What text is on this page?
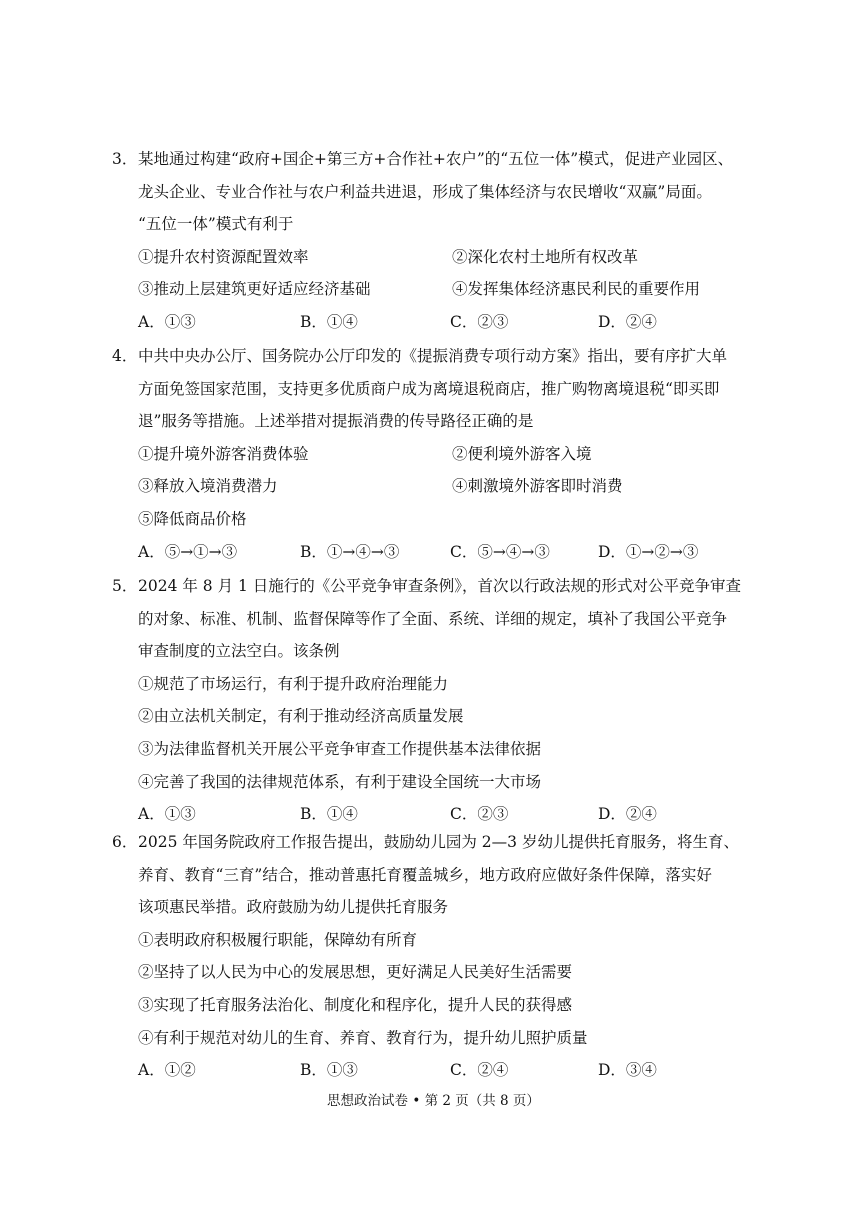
3． 某地通过构建“政府+国企+第三方+合作社+农户”的“五位一体”模式，促进产业园区、
龙头企业、专业合作社与农户利益共进退，形成了集体经济与农民增收“双赢”局面。
“五位一体”模式有利于
①提升农村资源配置效率	②深化农村土地所有权改革
③推动上层建筑更好适应经济基础	④发挥集体经济惠民利民的重要作用
A．①③	B．①④	C．②③	D．②④
4． 中共中央办公厅、国务院办公厅印发的《提振消费专项行动方案》指出，要有序扩大单
方面免签国家范围，支持更多优质商户成为离境退税商店，推广购物离境退税“即买即
退”服务等措施。上述举措对提振消费的传导路径正确的是
①提升境外游客消费体验	②便利境外游客入境
③释放入境消费潜力	④刺激境外游客即时消费
⑤降低商品价格
A．⑤→①→③	B．①→④→③	C．⑤→④→③	D．①→②→③
5． 2024 年 8 月 1 日施行的《公平竞争审查条例》，首次以行政法规的形式对公平竞争审查
的对象、标准、机制、监督保障等作了全面、系统、详细的规定，填补了我国公平竞争
审查制度的立法空白。该条例
①规范了市场运行，有利于提升政府治理能力
②由立法机关制定，有利于推动经济高质量发展
③为法律监督机关开展公平竞争审查工作提供基本法律依据
④完善了我国的法律规范体系，有利于建设全国统一大市场
A．①③	B．①④	C．②③	D．②④
6． 2025 年国务院政府工作报告提出，鼓励幼儿园为 2—3 岁幼儿提供托育服务，将生育、
养育、教育“三育”结合，推动普惠托育覆盖城乡，地方政府应做好条件保障，落实好
该项惠民举措。政府鼓励为幼儿提供托育服务
①表明政府积极履行职能，保障幼有所育
②坚持了以人民为中心的发展思想，更好满足人民美好生活需要
③实现了托育服务法治化、制度化和程序化，提升人民的获得感
④有利于规范对幼儿的生育、养育、教育行为，提升幼儿照护质量
A．①②	B．①③	C．②④	D．③④
思想政治试卷 • 第 2 页（共 8 页）
